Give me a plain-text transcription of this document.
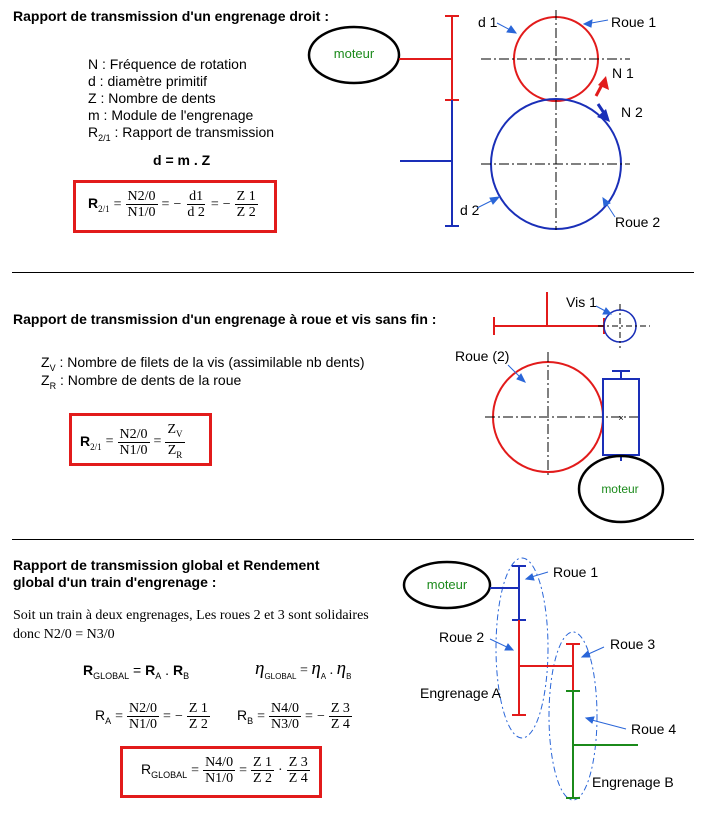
Rapport de transmission d'un engrenage droit :
N : Fréquence de rotation
d : diamètre primitif
Z : Nombre de dents
m : Module de l'engrenage
$R_{2/1}$ : Rapport de transmission
d = m . Z
$R_{2/1} = \frac{N2/0}{N1/0}$ = − $\frac{d1}{d 2}$ = − $\frac{Z 1}{Z 2}$
moteur
d 1
d 2
Roue 1
Roue 2
N 1
N 2
Rapport de transmission d'un engrenage à roue et vis sans fin :
$Z_V$ : Nombre de filets de la vis (assimilable nb dents)
$Z_R$ : Nombre de dents de la roue
$R_{2/1} = \frac{N2/0}{N1/0} = \frac{Z_V}{Z_R}$
Vis 1
Roue (2)
×
moteur
Rapport de transmission global et Rendement
global d'un train d'engrenage :
Soit un train à deux engrenages, Les roues 2 et 3 sont solidaires
donc N2/0 = N3/0
$R_{GLOBAL} = R_A$ . $R_B$	$\eta_{GLOBAL} = \eta_A$ . $\eta_B$
$R_A = \frac{N2/0}{N1/0}$ = − $\frac{Z 1}{Z 2} R_B = \frac{N4/0}{N3/0}$ = − $\frac{Z 3}{Z 4}$
$R_{GLOBAL} = \frac{N4/0}{N1/0} = \frac{Z 1}{Z 2} \cdot \frac{Z 3}{Z 4}$
moteur
Roue 1
Roue 2	Roue 3
Roue 4
Engrenage A
Engrenage B
